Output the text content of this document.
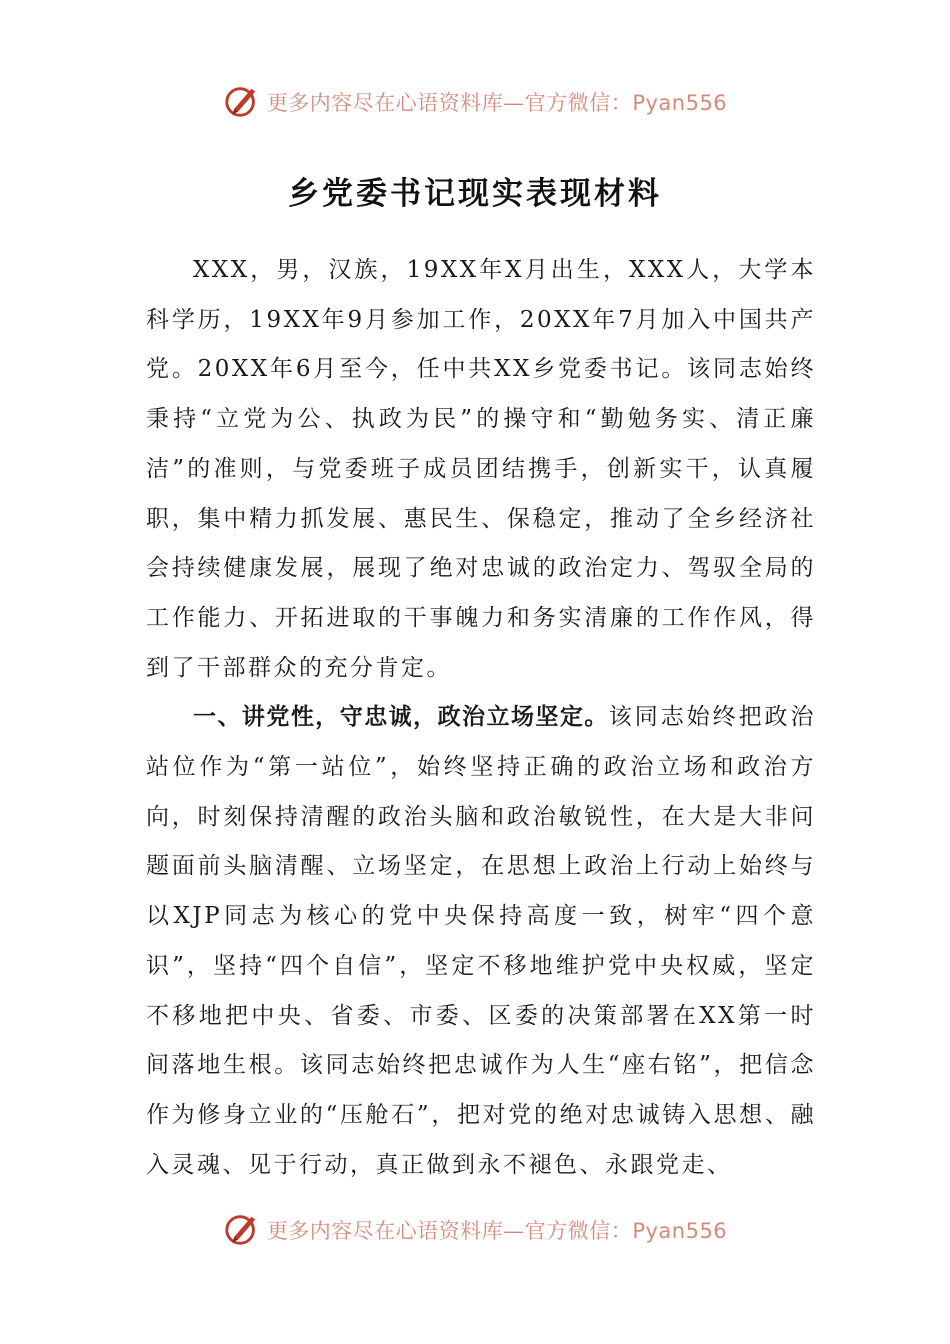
更多内容尽在心语资料库—官方微信：Pyan556
乡党委书记现实表现材料

XXX，男，汉族，19XX年X月出生，XXX人，大学本科学历，19XX年9月参加工作，20XX年7月加入中国共产党。20XX年6月至今，任中共XX乡党委书记。该同志始终秉持“立党为公、执政为民”的操守和“勤勉务实、清正廉洁”的准则，与党委班子成员团结携手，创新实干，认真履职，集中精力抓发展、惠民生、保稳定，推动了全乡经济社会持续健康发展，展现了绝对忠诚的政治定力、驾驭全局的工作能力、开拓进取的干事魄力和务实清廉的工作作风，得到了干部群众的充分肯定。

一、讲党性，守忠诚，政治立场坚定。该同志始终把政治站位作为“第一站位”，始终坚持正确的政治立场和政治方向，时刻保持清醒的政治头脑和政治敏锐性，在大是大非问题面前头脑清醒、立场坚定，在思想上政治上行动上始终与以XJP同志为核心的党中央保持高度一致，树牢“四个意识”，坚持“四个自信”，坚定不移地维护党中央权威，坚定不移地把中央、省委、市委、区委的决策部署在XX第一时间落地生根。该同志始终把忠诚作为人生“座右铭”，把信念作为修身立业的“压舱石”，把对党的绝对忠诚铸入思想、融入灵魂、见于行动，真正做到永不褪色、永跟党走、

更多内容尽在心语资料库—官方微信：Pyan556
